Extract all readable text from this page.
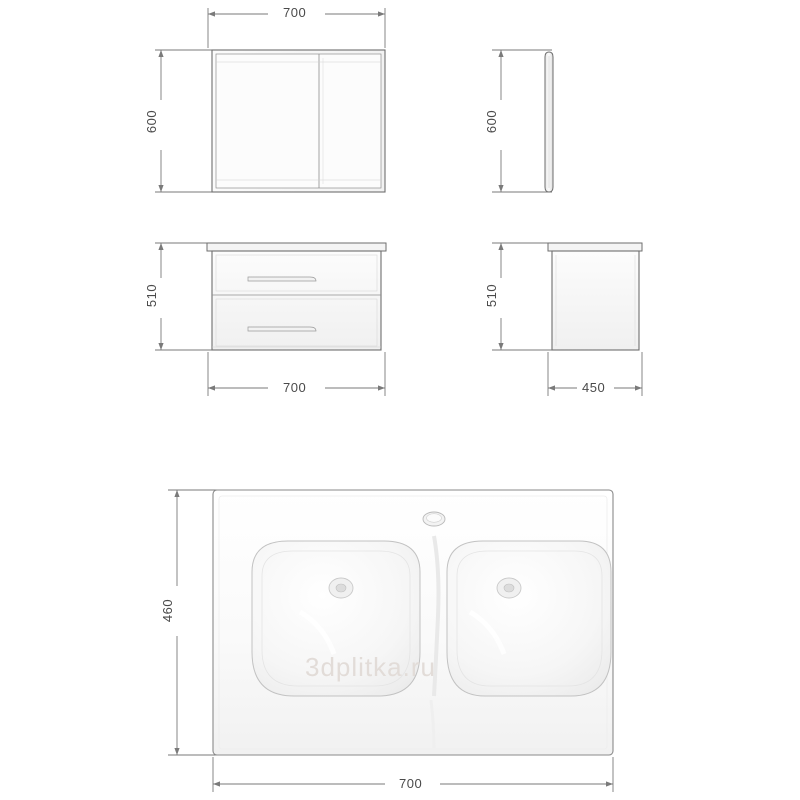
700
600	600
510	510
700	450
460
700
3dplitka.ru
